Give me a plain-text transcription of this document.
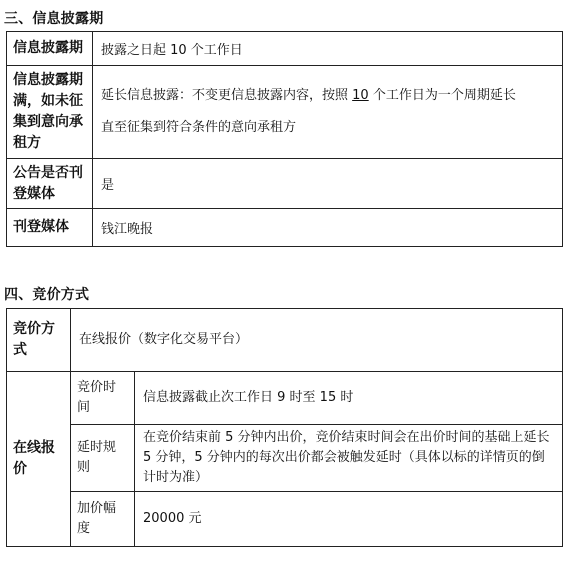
三、信息披露期
信息披露期	披露之日起 10 个工作日
信息披露期满，如未征集到意向承租方	延长信息披露：不变更信息披露内容，按照 10 个工作日为一个周期延长

直至征集到符合条件的意向承租方

公告是否刊登媒体	是
刊登媒体	钱江晚报
四、竞价方式
竞价方式	在线报价（数字化交易平台）	
在线报价	竞价时间	信息披露截止次工作日 9 时至 15 时
	延时规则	在竞价结束前 5 分钟内出价，竞价结束时间会在出价时间的基础上延长 5 分钟，5 分钟内的每次出价都会被触发延时（具体以标的详情页的倒计时为准）
	加价幅度	20000 元
